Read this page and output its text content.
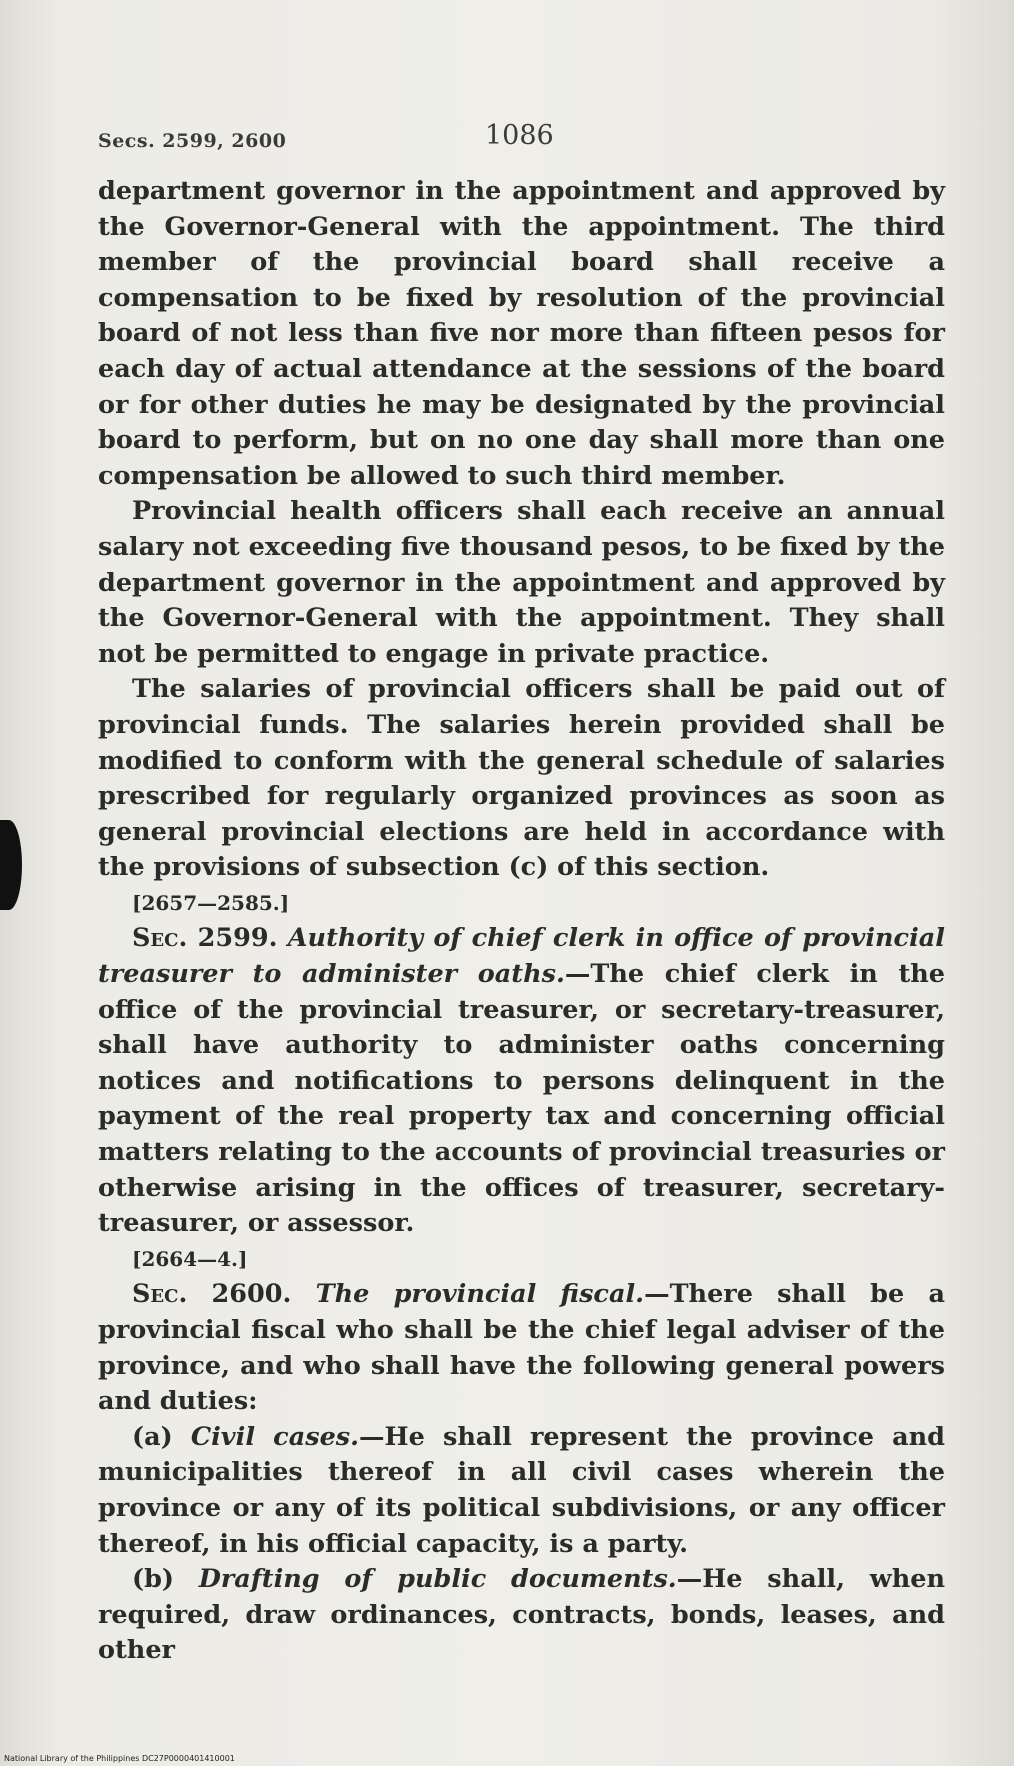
Secs. 2599, 2600	1086

department governor in the appointment and approved by the Governor-General with the appointment. The third member of the provincial board shall receive a compensation to be fixed by resolution of the provincial board of not less than five nor more than fifteen pesos for each day of actual attendance at the sessions of the board or for other duties he may be designated by the provincial board to perform, but on no one day shall more than one compensation be allowed to such third member.

Provincial health officers shall each receive an annual salary not exceeding five thousand pesos, to be fixed by the department governor in the appointment and approved by the Governor-General with the appointment. They shall not be permitted to engage in private practice.

The salaries of provincial officers shall be paid out of provincial funds. The salaries herein provided shall be modified to conform with the general schedule of salaries prescribed for regularly organized provinces as soon as general provincial elections are held in accordance with the provisions of subsection (c) of this section.

[2657—2585.]

Sec. 2599. Authority of chief clerk in office of provincial treasurer to administer oaths.—The chief clerk in the office of the provincial treasurer, or secretary-treasurer, shall have authority to administer oaths concerning notices and notifications to persons delinquent in the payment of the real property tax and concerning official matters relating to the accounts of provincial treasuries or otherwise arising in the offices of treasurer, secretary-treasurer, or assessor.

[2664—4.]

Sec. 2600. The provincial fiscal.—There shall be a provincial fiscal who shall be the chief legal adviser of the province, and who shall have the following general powers and duties:

(a) Civil cases.—He shall represent the province and municipalities thereof in all civil cases wherein the province or any of its political subdivisions, or any officer thereof, in his official capacity, is a party.

(b) Drafting of public documents.—He shall, when required, draw ordinances, contracts, bonds, leases, and other

National Library of the Philippines DC27P0000401410001
